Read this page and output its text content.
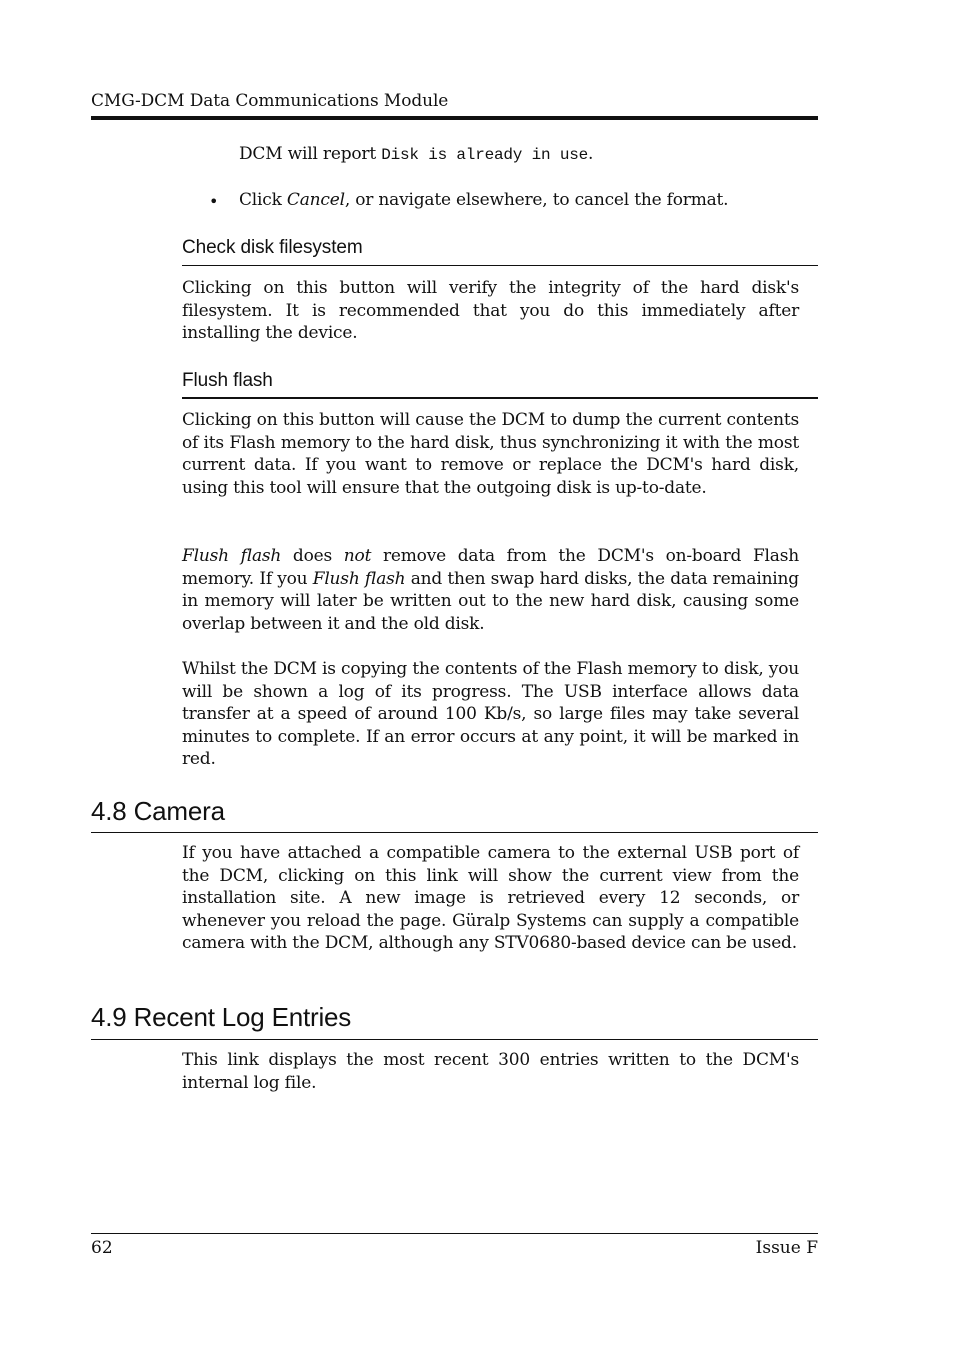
CMG-DCM Data Communications Module
DCM will report Disk is already in use.
• Click Cancel, or navigate elsewhere, to cancel the format.
Check disk filesystem
Clicking on this button will verify the integrity of the hard disk's filesystem. It is recommended that you do this immediately after installing the device.
Flush flash
Clicking on this button will cause the DCM to dump the current contents of its Flash memory to the hard disk, thus synchronizing it with the most current data. If you want to remove or replace the DCM's hard disk, using this tool will ensure that the outgoing disk is up-to-date.
Flush flash does not remove data from the DCM's on-board Flash memory. If you Flush flash and then swap hard disks, the data remaining in memory will later be written out to the new hard disk, causing some overlap between it and the old disk.
Whilst the DCM is copying the contents of the Flash memory to disk, you will be shown a log of its progress. The USB interface allows data transfer at a speed of around 100 Kb/s, so large files may take several minutes to complete. If an error occurs at any point, it will be marked in red.
4.8 Camera
If you have attached a compatible camera to the external USB port of the DCM, clicking on this link will show the current view from the installation site. A new image is retrieved every 12 seconds, or whenever you reload the page. Güralp Systems can supply a compatible camera with the DCM, although any STV0680-based device can be used.
4.9 Recent Log Entries
This link displays the most recent 300 entries written to the DCM's internal log file.
62	Issue F
